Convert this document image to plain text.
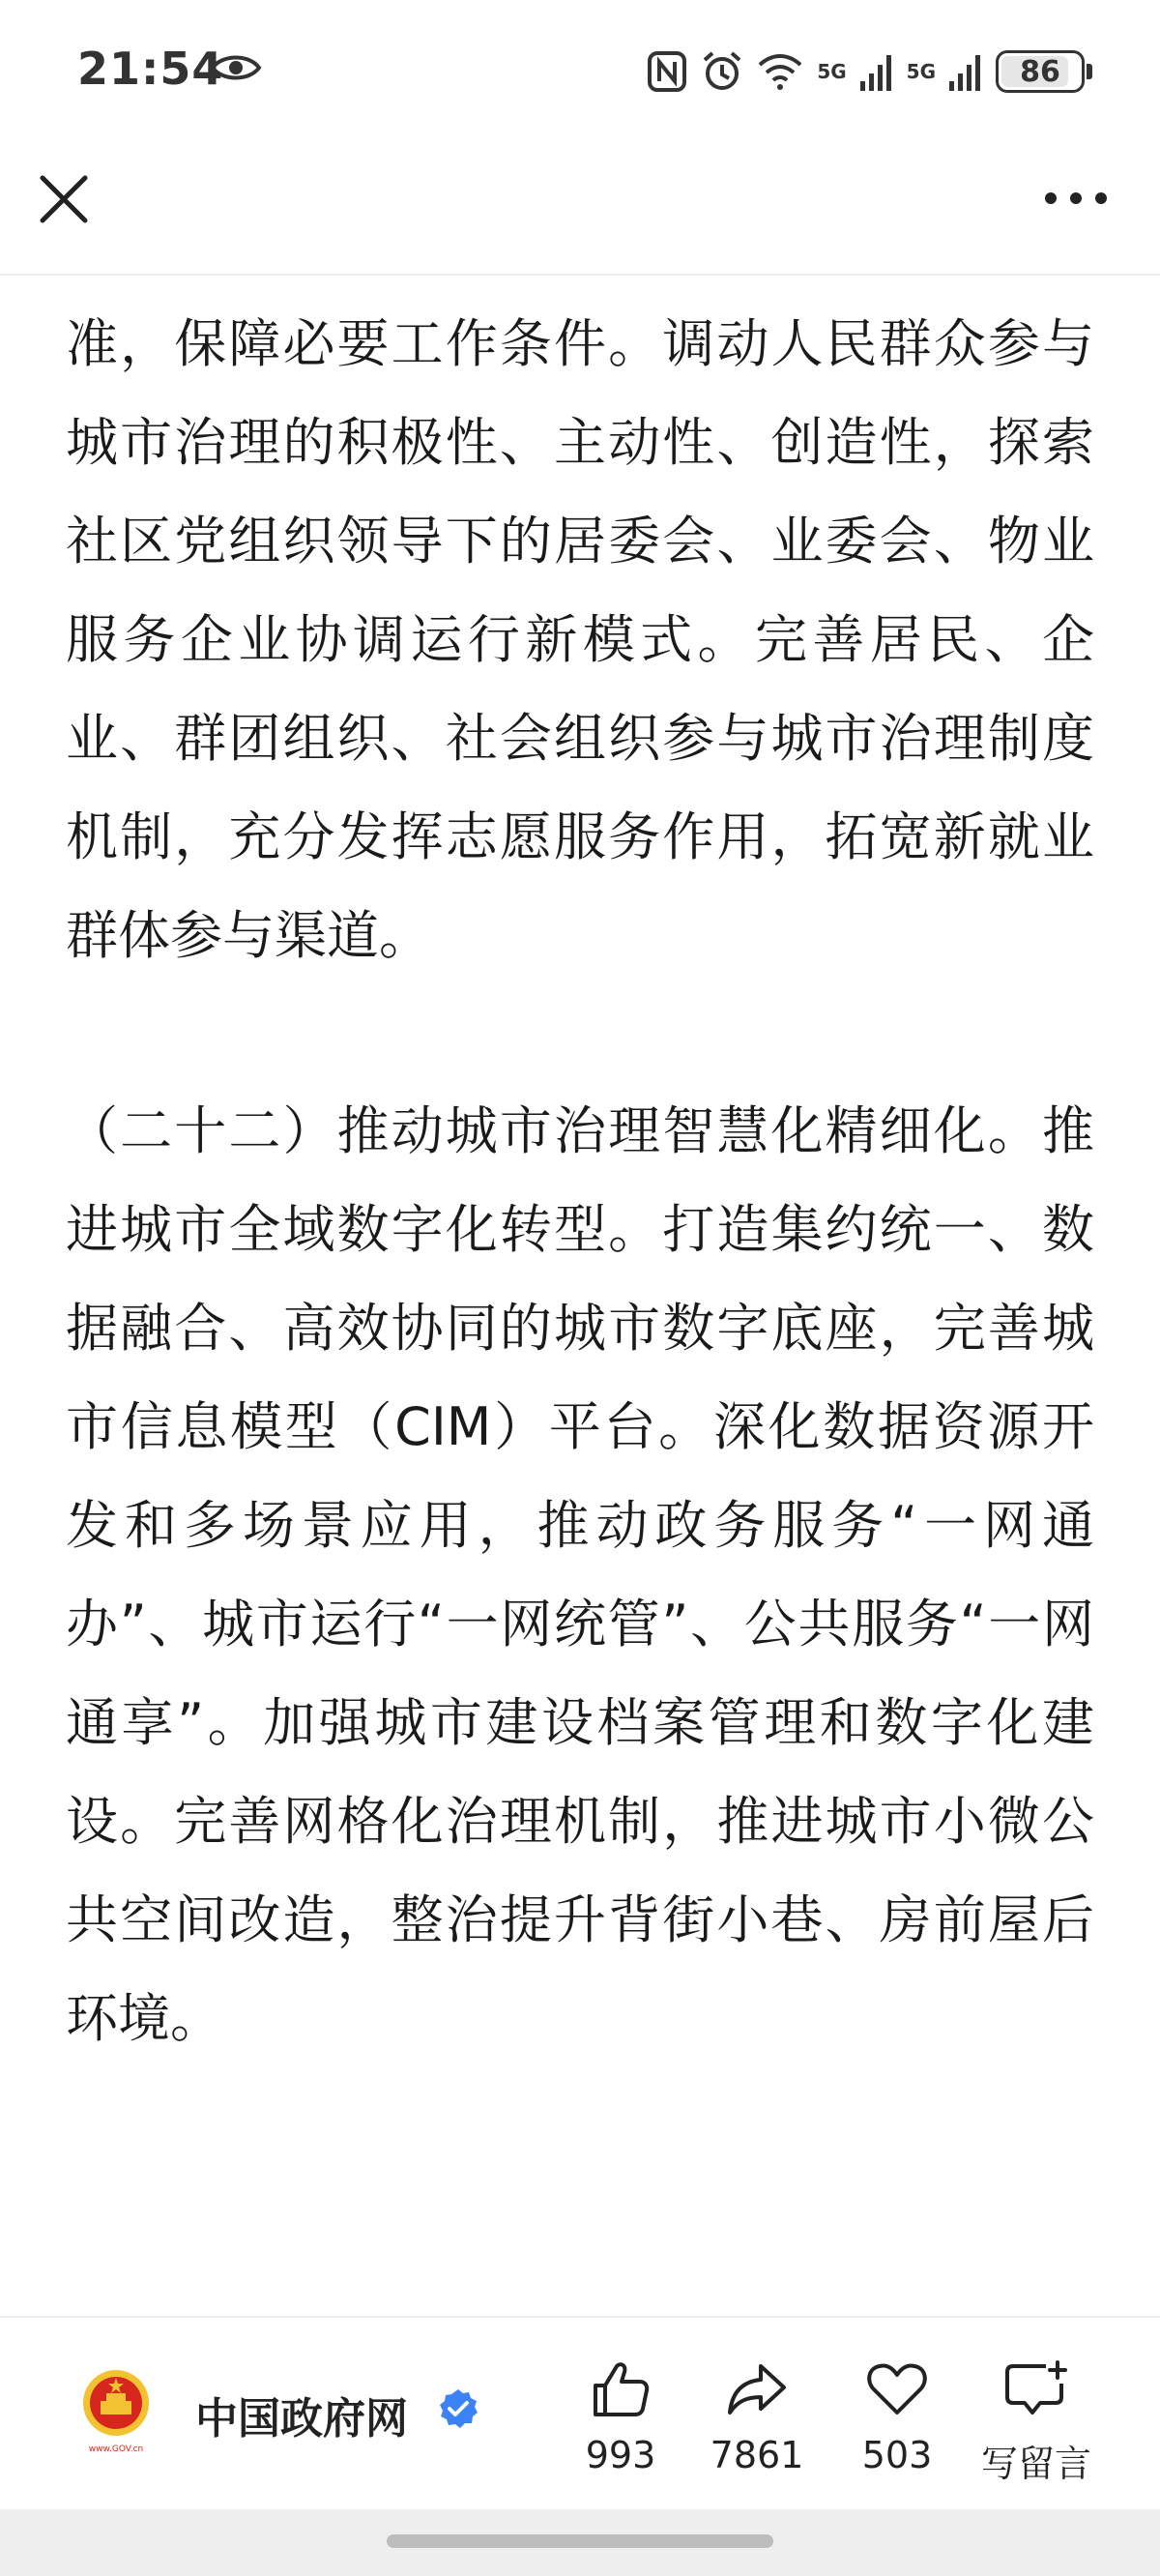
21:54	5G	5G	86

准，保障必要工作条件。调动人民群众参与城市治理的积极性、主动性、创造性，探索社区党组织领导下的居委会、业委会、物业服务企业协调运行新模式。完善居民、企业、群团组织、社会组织参与城市治理制度机制，充分发挥志愿服务作用，拓宽新就业群体参与渠道。

（二十二）推动城市治理智慧化精细化。推进城市全域数字化转型。打造集约统一、数据融合、高效协同的城市数字底座，完善城市信息模型（CIM）平台。深化数据资源开发和多场景应用，推动政务服务“一网通办”、城市运行“一网统管”、公共服务“一网通享”。加强城市建设档案管理和数字化建设。完善网格化治理机制，推进城市小微公共空间改造，整治提升背街小巷、房前屋后环境。

www.GOV.cn
中国政府网
993	7861	503	写留言
